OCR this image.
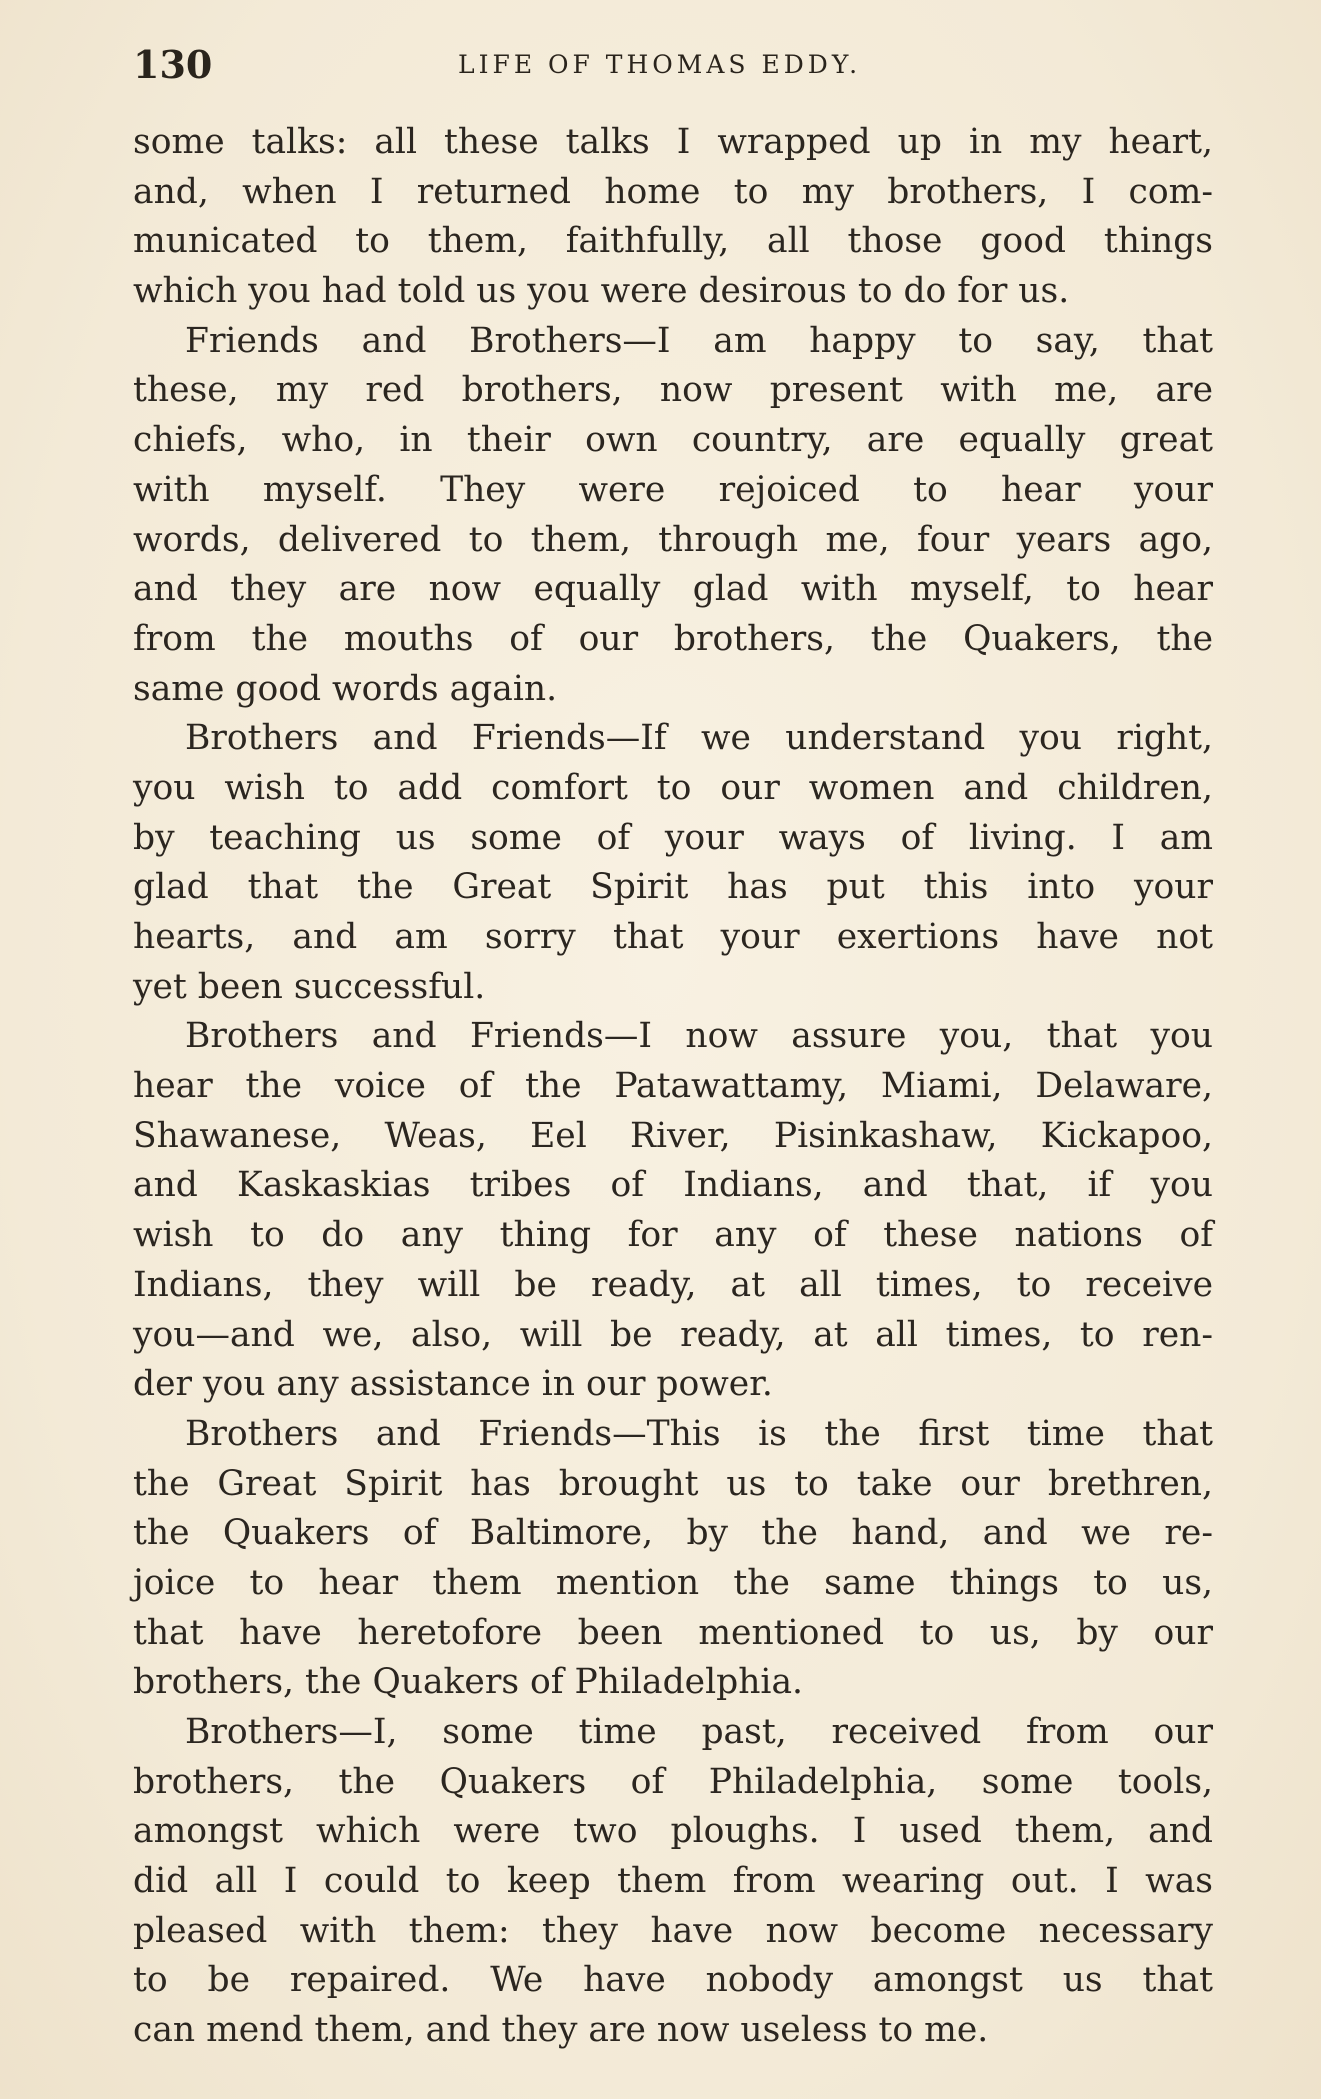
130	LIFE OF THOMAS EDDY.
some talks: all these talks I wrapped up in my heart,
and, when I returned home to my brothers, I com-
municated to them, faithfully, all those good things
which you had told us you were desirous to do for us.
Friends and Brothers—I am happy to say, that
these, my red brothers, now present with me, are
chiefs, who, in their own country, are equally great
with myself. They were rejoiced to hear your
words, delivered to them, through me, four years ago,
and they are now equally glad with myself, to hear
from the mouths of our brothers, the Quakers, the
same good words again.
Brothers and Friends—If we understand you right,
you wish to add comfort to our women and children,
by teaching us some of your ways of living. I am
glad that the Great Spirit has put this into your
hearts, and am sorry that your exertions have not
yet been successful.
Brothers and Friends—I now assure you, that you
hear the voice of the Patawattamy, Miami, Delaware,
Shawanese, Weas, Eel River, Pisinkashaw, Kickapoo,
and Kaskaskias tribes of Indians, and that, if you
wish to do any thing for any of these nations of
Indians, they will be ready, at all times, to receive
you—and we, also, will be ready, at all times, to ren-
der you any assistance in our power.
Brothers and Friends—This is the first time that
the Great Spirit has brought us to take our brethren,
the Quakers of Baltimore, by the hand, and we re-
joice to hear them mention the same things to us,
that have heretofore been mentioned to us, by our
brothers, the Quakers of Philadelphia.
Brothers—I, some time past, received from our
brothers, the Quakers of Philadelphia, some tools,
amongst which were two ploughs. I used them, and
did all I could to keep them from wearing out. I was
pleased with them: they have now become necessary
to be repaired. We have nobody amongst us that
can mend them, and they are now useless to me.
